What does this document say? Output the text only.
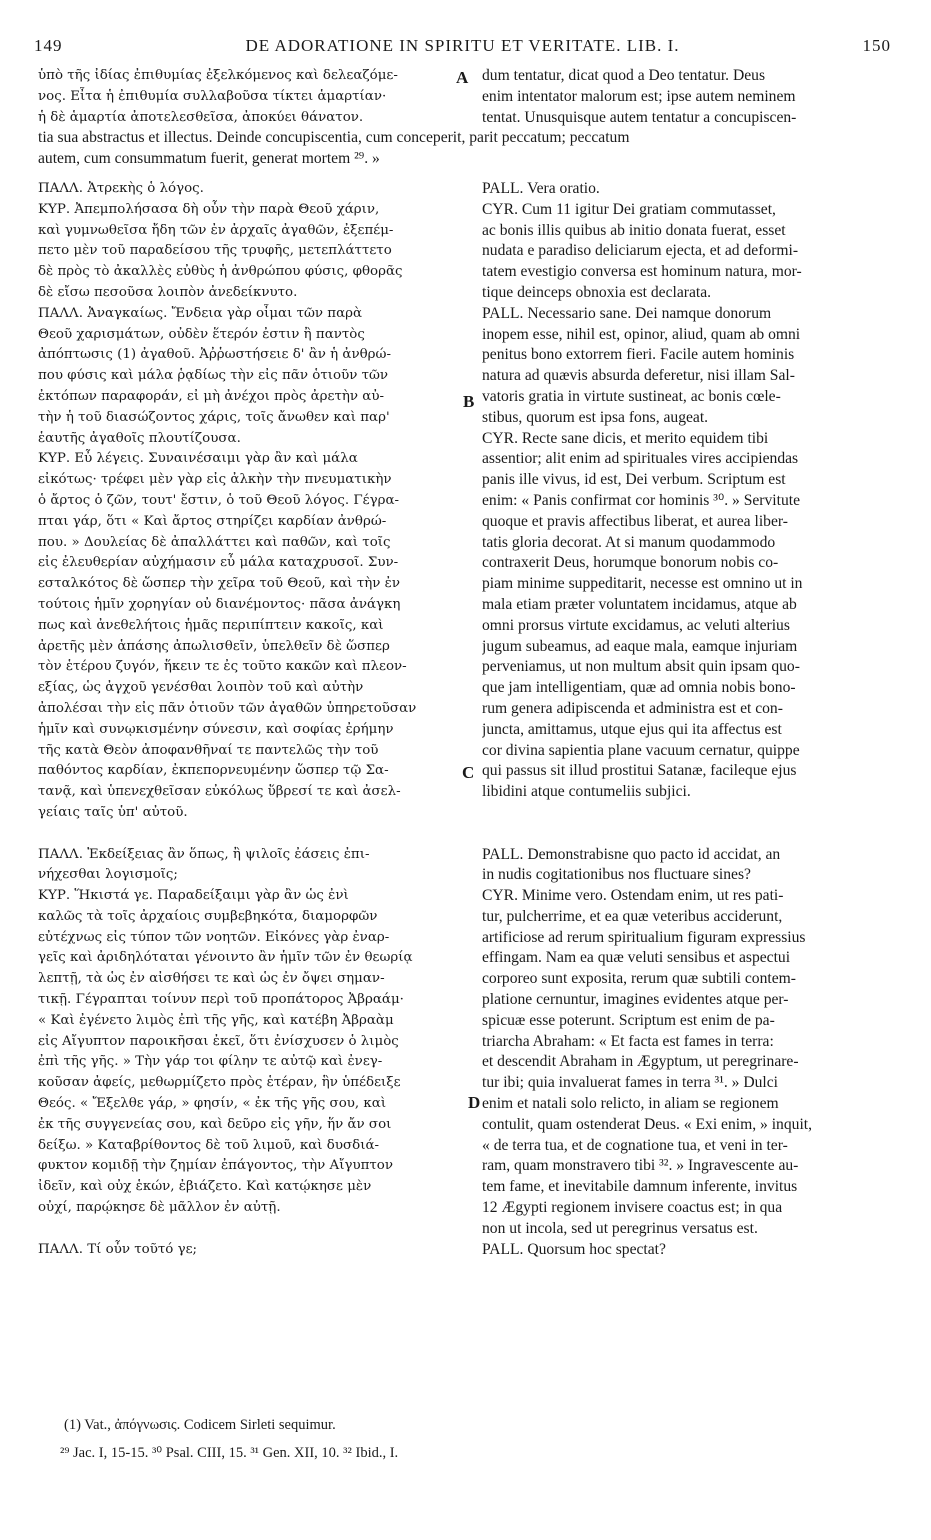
149	DE ADORATIONE IN SPIRITU ET VERITATE. LIB. I.	150
ὑπὸ τῆς ἰδίας ἐπιθυμίας ἐξελκόμενος καὶ δελεαζόμε-
νος. Εἶτα ἡ ἐπιθυμία συλλαβοῦσα τίκτει ἁμαρτίαν·
ἡ δὲ ἁμαρτία ἀποτελεσθεῖσα, ἀποκύει θάνατον.
dum tentatur, dicat quod a Deo tentatur. Deus
enim intentator malorum est; ipse autem neminem
tentat. Unusquisque autem tentatur a concupiscen-
tia sua abstractus et illectus. Deinde concupiscentia, cum conceperit, parit peccatum; peccatum
autem, cum consummatum fuerit, generat mortem ²⁹. »
ΠΑΛΛ. Ἀτρεκὴς ὁ λόγος.
ΚΥΡ. Ἀπεμπολήσασα δὴ οὖν τὴν παρὰ Θεοῦ χάριν,
καὶ γυμνωθεῖσα ἤδη τῶν ἐν ἀρχαῖς ἀγαθῶν, ἐξεπέμ-
πετο μὲν τοῦ παραδείσου τῆς τρυφῆς, μετεπλάττετο
δὲ πρὸς τὸ ἀκαλλὲς εὐθὺς ἡ ἀνθρώπου φύσις, φθορᾶς
δὲ εἴσω πεσοῦσα λοιπὸν ἀνεδείκνυτο.
ΠΑΛΛ. Ἀναγκαίως. Ἔνδεια γὰρ οἶμαι τῶν παρὰ
Θεοῦ χαρισμάτων, οὐδὲν ἕτερόν ἐστιν ἢ παντὸς
ἀπόπτωσις (1) ἀγαθοῦ. Ἀῤῥωστήσειε δ' ἂν ἡ ἀνθρώ-
που φύσις καὶ μάλα ῥᾳδίως τὴν εἰς πᾶν ὁτιοῦν τῶν
ἐκτόπων παραφοράν, εἰ μὴ ἀνέχοι πρὸς ἀρετὴν αὐ-
τὴν ἡ τοῦ διασώζοντος χάρις, τοῖς ἄνωθεν καὶ παρ'
ἑαυτῆς ἀγαθοῖς πλουτίζουσα.
ΚΥΡ. Εὖ λέγεις. Συναινέσαιμι γὰρ ἂν καὶ μάλα
εἰκότως· τρέφει μὲν γὰρ εἰς ἀλκὴν τὴν πνευματικὴν
ὁ ἄρτος ὁ ζῶν, τουτ' ἔστιν, ὁ τοῦ Θεοῦ λόγος. Γέγρα-
πται γάρ, ὅτι « Καὶ ἄρτος στηρίζει καρδίαν ἀνθρώ-
που. » Δουλείας δὲ ἀπαλλάττει καὶ παθῶν, καὶ τοῖς
εἰς ἐλευθερίαν αὐχήμασιν εὖ μάλα καταχρυσοῖ. Συν-
εσταλκότος δὲ ὥσπερ τὴν χεῖρα τοῦ Θεοῦ, καὶ τὴν ἐν
τούτοις ἡμῖν χορηγίαν οὐ διανέμοντος· πᾶσα ἀνάγκη
πως καὶ ἀνεθελήτοις ἡμᾶς περιπίπτειν κακοῖς, καὶ
ἀρετῆς μὲν ἁπάσης ἀπωλισθεῖν, ὑπελθεῖν δὲ ὥσπερ
τὸν ἑτέρου ζυγόν, ἥκειν τε ἐς τοῦτο κακῶν καὶ πλεον-
εξίας, ὡς ἀγχοῦ γενέσθαι λοιπὸν τοῦ καὶ αὐτὴν
ἀπολέσαι τὴν εἰς πᾶν ὁτιοῦν τῶν ἀγαθῶν ὑπηρετοῦσαν
ἡμῖν καὶ συνῳκισμένην σύνεσιν, καὶ σοφίας ἐρήμην
τῆς κατὰ Θεὸν ἀποφανθῆναί τε παντελῶς τὴν τοῦ
παθόντος καρδίαν, ἐκπεπορνευμένην ὥσπερ τῷ Σα-
τανᾷ, καὶ ὑπενεχθεῖσαν εὐκόλως ὕβρεσί τε καὶ ἀσελ-
γείαις ταῖς ὑπ' αὐτοῦ.
ΠΑΛΛ. Ἐκδείξειας ἂν ὅπως, ἢ ψιλοῖς ἐάσεις ἐπι-
νήχεσθαι λογισμοῖς;
ΚΥΡ. Ἥκιστά γε. Παραδείξαιμι γὰρ ἂν ὡς ἐνὶ
καλῶς τὰ τοῖς ἀρχαίοις συμβεβηκότα, διαμορφῶν
εὐτέχνως εἰς τύπον τῶν νοητῶν. Εἰκόνες γὰρ ἐναρ-
γεῖς καὶ ἀριδηλόταται γένοιντο ἂν ἡμῖν τῶν ἐν θεωρίᾳ
λεπτῇ, τὰ ὡς ἐν αἰσθήσει τε καὶ ὡς ἐν ὄψει σημαν-
τικῇ. Γέγραπται τοίνυν περὶ τοῦ προπάτορος Ἀβραάμ·
« Καὶ ἐγένετο λιμὸς ἐπὶ τῆς γῆς, καὶ κατέβη Ἀβραὰμ
εἰς Αἴγυπτον παροικῆσαι ἐκεῖ, ὅτι ἐνίσχυσεν ὁ λιμὸς
ἐπὶ τῆς γῆς. » Τὴν γάρ τοι φίλην τε αὐτῷ καὶ ἐνεγ-
κοῦσαν ἀφείς, μεθωρμίζετο πρὸς ἑτέραν, ἣν ὑπέδειξε
Θεός. « Ἔξελθε γάρ, » φησίν, « ἐκ τῆς γῆς σου, καὶ
ἐκ τῆς συγγενείας σου, καὶ δεῦρο εἰς γῆν, ἥν ἄν σοι
δείξω. » Καταβρίθοντος δὲ τοῦ λιμοῦ, καὶ δυσδιά-
φυκτον κομιδῇ τὴν ζημίαν ἐπάγοντος, τὴν Αἴγυπτον
ἰδεῖν, καὶ οὐχ ἑκών, ἐβιάζετο. Καὶ κατῴκησε μὲν
οὐχί, παρῴκησε δὲ μᾶλλον ἐν αὐτῇ.
ΠΑΛΛ. Τί οὖν τοῦτό γε;
PALL. Vera oratio.
CYR. Cum 11 igitur Dei gratiam commutasset,
ac bonis illis quibus ab initio donata fuerat, esset
nudata e paradiso deliciarum ejecta, et ad deformi-
tatem evestigio conversa est hominum natura, mor-
tique deinceps obnoxia est declarata.
PALL. Necessario sane. Dei namque donorum
inopem esse, nihil est, opinor, aliud, quam ab omni
penitus bono extorrem fieri. Facile autem hominis
natura ad quævis absurda deferetur, nisi illam Sal-
vatoris gratia in virtute sustineat, ac bonis cœle-
stibus, quorum est ipsa fons, augeat.
CYR. Recte sane dicis, et merito equidem tibi
assentior; alit enim ad spirituales vires accipiendas
panis ille vivus, id est, Dei verbum. Scriptum est
enim: « Panis confirmat cor hominis ³⁰. » Servitute
quoque et pravis affectibus liberat, et aurea liber-
tatis gloria decorat. At si manum quodammodo
contraxerit Deus, horumque bonorum nobis co-
piam minime suppeditarit, necesse est omnino ut in
mala etiam præter voluntatem incidamus, atque ab
omni prorsus virtute excidamus, ac veluti alterius
jugum subeamus, ad eaque mala, eamque injuriam
perveniamus, ut non multum absit quin ipsam quo-
que jam intelligentiam, quæ ad omnia nobis bono-
rum genera adipiscenda et administra est et con-
juncta, amittamus, utque ejus qui ita affectus est
cor divina sapientia plane vacuum cernatur, quippe
qui passus sit illud prostitui Satanæ, facileque ejus
libidini atque contumeliis subjici.
PALL. Demonstrabisne quo pacto id accidat, an
in nudis cogitationibus nos fluctuare sines?
CYR. Minime vero. Ostendam enim, ut res pati-
tur, pulcherrime, et ea quæ veteribus acciderunt,
artificiose ad rerum spiritualium figuram expressius
effingam. Nam ea quæ veluti sensibus et aspectui
corporeo sunt exposita, rerum quæ subtili contem-
platione cernuntur, imagines evidentes atque per-
spicuæ esse poterunt. Scriptum est enim de pa-
triarcha Abraham: « Et facta est fames in terra:
et descendit Abraham in Ægyptum, ut peregrinare-
tur ibi; quia invaluerat fames in terra ³¹. » Dulci
enim et natali solo relicto, in aliam se regionem
contulit, quam ostenderat Deus. « Exi enim, » inquit,
« de terra tua, et de cognatione tua, et veni in ter-
ram, quam monstravero tibi ³². » Ingravescente au-
tem fame, et inevitabile damnum inferente, invitus
12 Ægypti regionem invisere coactus est; in qua
non ut incola, sed ut peregrinus versatus est.
PALL. Quorsum hoc spectat?
A
B
C
D
(1) Vat., ἀπόγνωσις. Codicem Sirleti sequimur.
²⁹ Jac. I, 15-15. ³⁰ Psal. CIII, 15. ³¹ Gen. XII, 10. ³² Ibid., I.
